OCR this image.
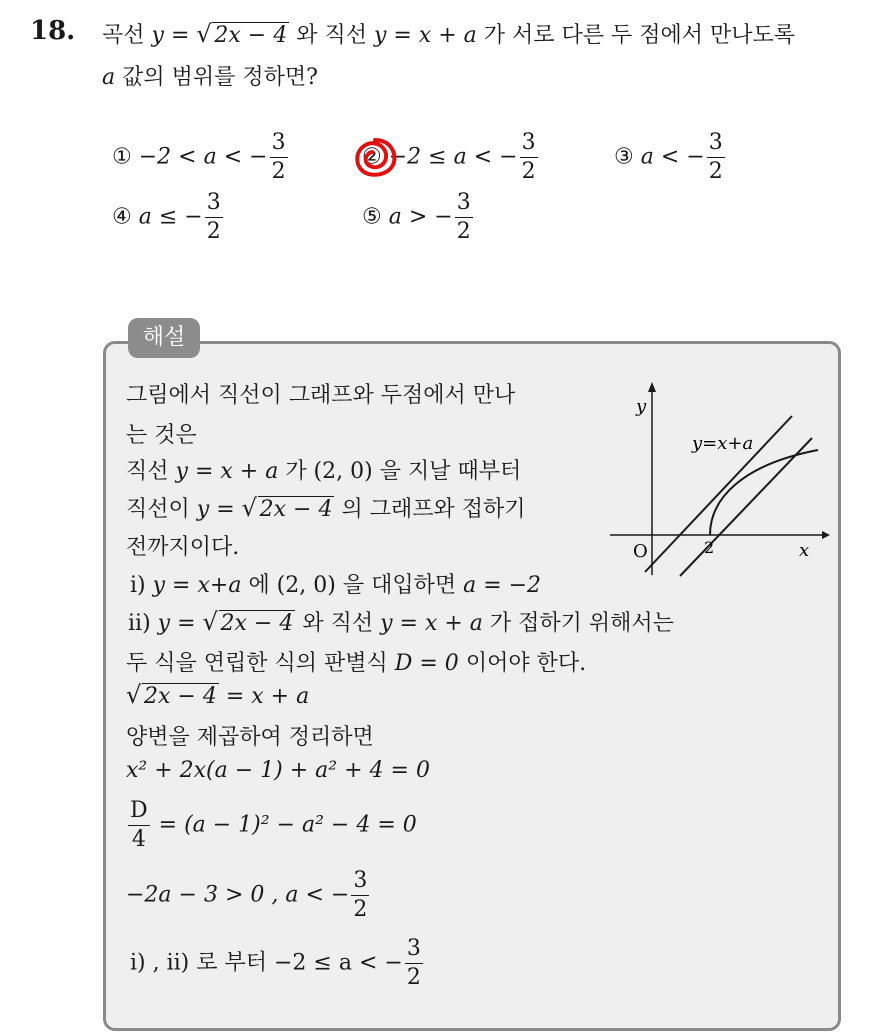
18. 곡선 y = √ 2x − 4 와 직선 y = x + a 가 서로 다른 두 점에서 만나도록
a 값의 범위를 정하면?
① −2 < a < − $\frac{3}{2}$	② −2 ≤ a < − $\frac{3}{2}$	③ a < − $\frac{3}{2}$
④ a ≤ − $\frac{3}{2}$	⑤ a > − $\frac{3}{2}$
해설
그림에서 직선이 그래프와 두점에서 만나
는 것은
직선 y = x + a 가 (2, 0) 을 지날 때부터
직선이 y = √ 2x − 4 의 그래프와 접하기
전까지이다.
ⅰ) y = x+a 에 (2, 0) 을 대입하면 a = −2
ⅱ) y = √ 2x − 4 와 직선 y = x + a 가 접하기 위해서는
두 식을 연립한 식의 판별식 D = 0 이어야 한다.
√ 2x − 4 = x + a
양변을 제곱하여 정리하면
x² + 2x(a − 1) + a² + 4 = 0
$\frac{D}{4} = (a - 1)^2 - a^2 - 4 = 0$
−2a − 3 > 0 , a < − $\frac{3}{2}$
ⅰ) , ⅱ) 로 부터 −2 ≤ a < − $\frac{3}{2}$
y
x
O	2
y=x+a
